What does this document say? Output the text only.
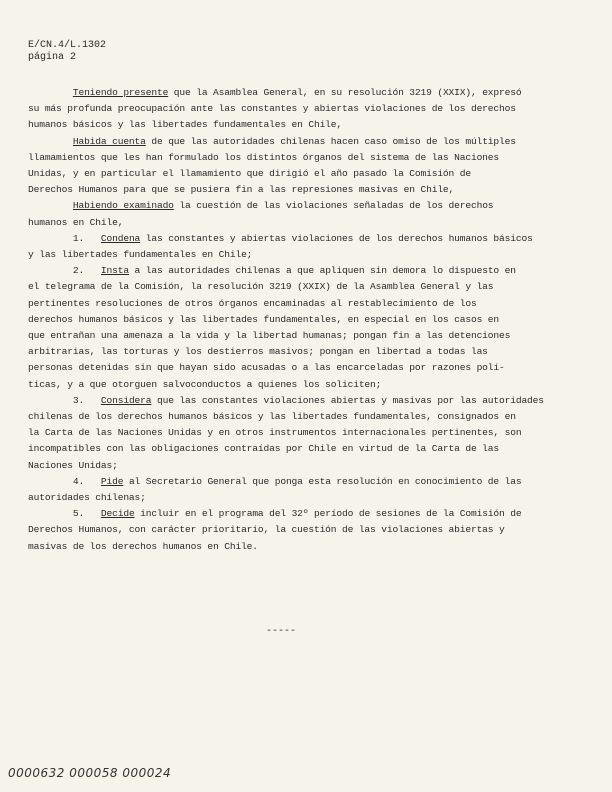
E/CN.4/L.1302
página 2
Teniendo presente que la Asamblea General, en su resolución 3219 (XXIX), expresó
su más profunda preocupación ante las constantes y abiertas violaciones de los derechos
humanos básicos y las libertades fundamentales en Chile,
Habida cuenta de que las autoridades chilenas hacen caso omiso de los múltiples
llamamientos que les han formulado los distintos órganos del sistema de las Naciones
Unidas, y en particular el llamamiento que dirigió el año pasado la Comisión de
Derechos Humanos para que se pusiera fin a las represiones masivas en Chile,
Habiendo examinado la cuestión de las violaciones señaladas de los derechos
humanos en Chile,
1.   Condena las constantes y abiertas violaciones de los derechos humanos básicos
y las libertades fundamentales en Chile;
2.   Insta a las autoridades chilenas a que apliquen sin demora lo dispuesto en
el telegrama de la Comisión, la resolución 3219 (XXIX) de la Asamblea General y las
pertinentes resoluciones de otros órganos encaminadas al restablecimiento de los
derechos humanos básicos y las libertades fundamentales, en especial en los casos en
que entrañan una amenaza a la vida y la libertad humanas; pongan fin a las detenciones
arbitrarias, las torturas y los destierros masivos; pongan en libertad a todas las
personas detenidas sin que hayan sido acusadas o a las encarceladas por razones polí-
ticas, y a que otorguen salvoconductos a quienes los soliciten;
3.   Considera que las constantes violaciones abiertas y masivas por las autoridades
chilenas de los derechos humanos básicos y las libertades fundamentales, consignados en
la Carta de las Naciones Unidas y en otros instrumentos internacionales pertinentes, son
incompatibles con las obligaciones contraídas por Chile en virtud de la Carta de las
Naciones Unidas;
4.   Pide al Secretario General que ponga esta resolución en conocimiento de las
autoridades chilenas;
5.   Decide incluir en el programa del 32º período de sesiones de la Comisión de
Derechos Humanos, con carácter prioritario, la cuestión de las violaciones abiertas y
masivas de los derechos humanos en Chile.
-----
0000632 000058 000024
